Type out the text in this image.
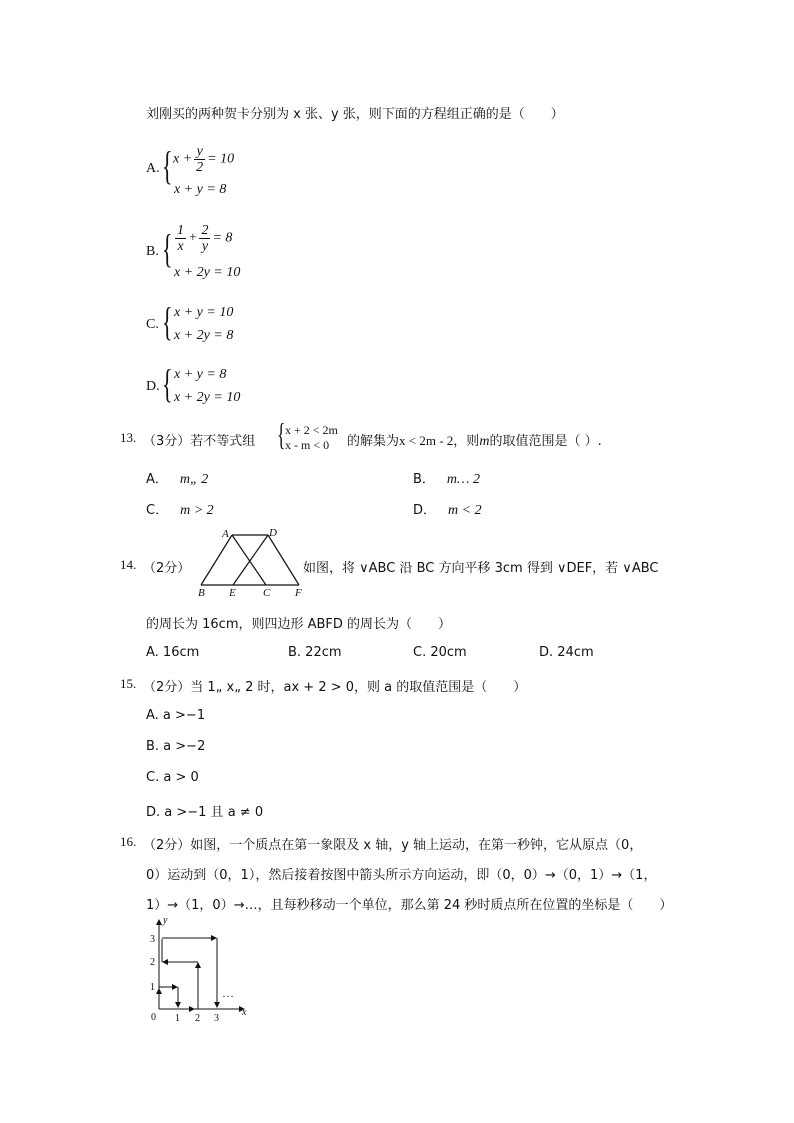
刘刚买的两种贺卡分别为 x 张、y 张，则下面的方程组正确的是（　　）
A. { $x + \frac{y}{2} = 10$
x + y = 8
B. { $\frac{1}{x} + \frac{2}{y} = 8$
x + 2y = 10
C. { x + y = 10
x + 2y = 8
D. { x + y = 8
x + 2y = 10
13. （3分）若不等式组 { x + 2 < 2m
x - m < 0 的解集为x < 2m - 2，则m的取值范围是（ ）.
A． m„ 2	B． m… 2
C． m > 2	D． m < 2
14. （2分）
A	D
B E C F
如图，将 ∨ABC 沿 BC 方向平移 3cm 得到 ∨DEF，若 ∨ABC
的周长为 16cm，则四边形 ABFD 的周长为（　　）
A. 16cm	B. 22cm	C. 20cm	D. 24cm
15. （2分）当 1„ x„ 2 时，ax + 2 > 0，则 a 的取值范围是（　　）
A. a >−1
B. a >−2
C. a > 0
D. a >−1 且 a ≠ 0
16. （2分）如图，一个质点在第一象限及 x 轴，y 轴上运动，在第一秒钟，它从原点（0，
0）运动到（0，1），然后接着按图中箭头所示方向运动，即（0，0）→（0，1）→（1，
1）→（1，0）→…，且每秒移动一个单位，那么第 24 秒时质点所在位置的坐标是（　　）
y
x
0 1 2 3
1
2
3
…
